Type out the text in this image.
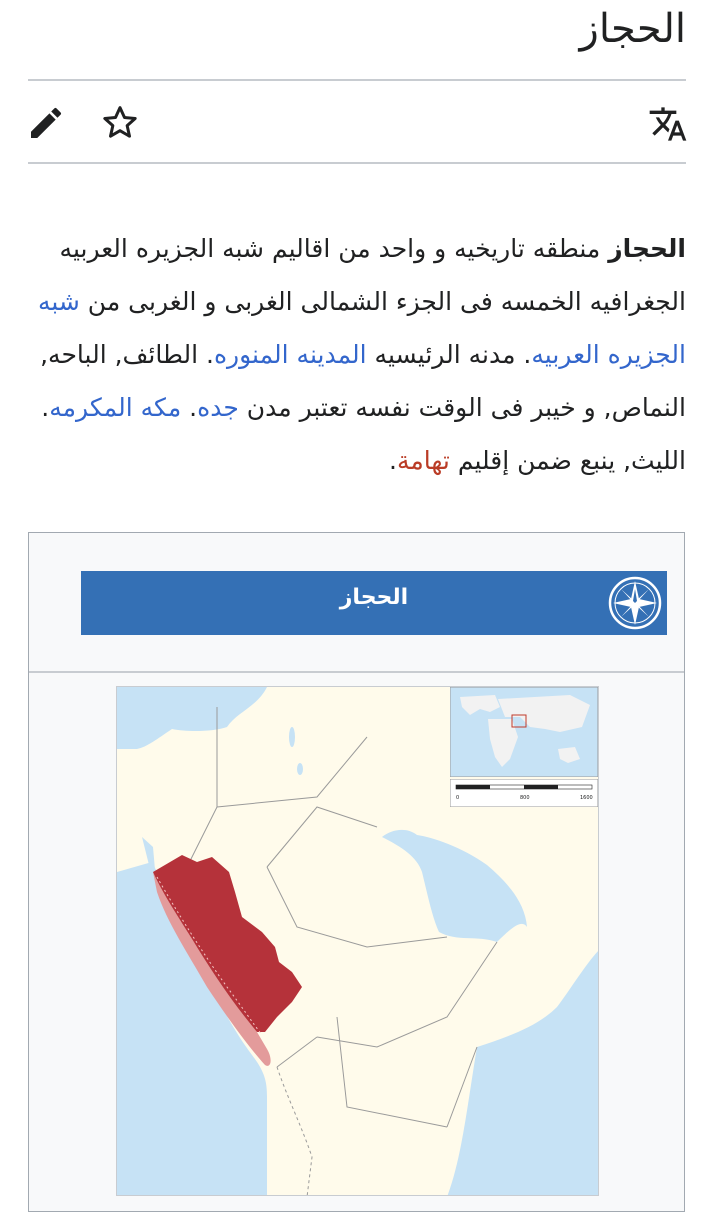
الحجاز

الحجاز منطقه تاريخيه و واحد من اقاليم شبه الجزيره العربيه الجغرافيه الخمسه فى الجزء الشمالى الغربى و الغربى من شبه الجزيره العربيه. مدنه الرئيسيه المدينه المنوره. الطائف, الباحه, النماص, و خيبر فى الوقت نفسه تعتبر مدن جده. مكه المكرمه. الليث, ينبع ضمن إقليم تهامة.

الحجاز
0	800	1600
